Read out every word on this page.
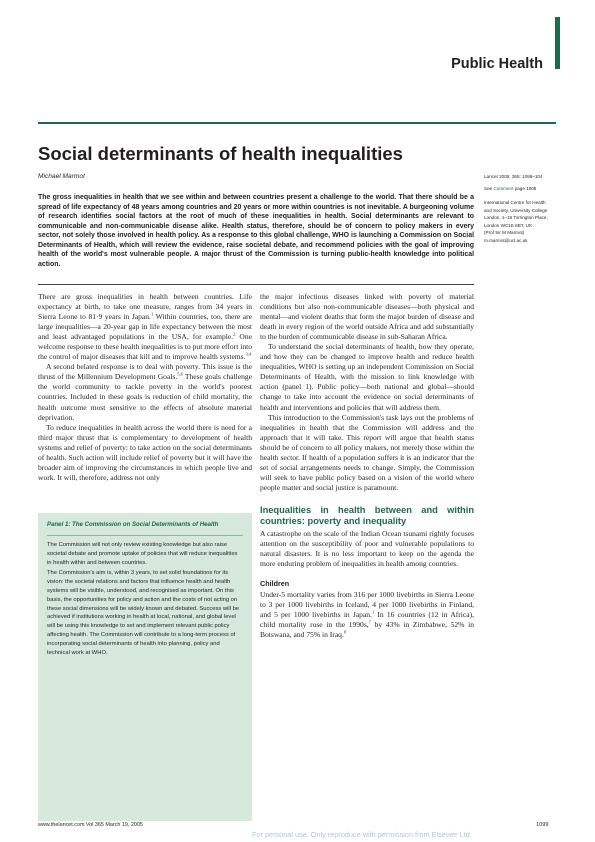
Public Health
Social determinants of health inequalities
Michael Marmot

The gross inequalities in health that we see within and between countries present a challenge to the world. That there should be a spread of life expectancy of 48 years among countries and 20 years or more within countries is not inevitable. A burgeoning volume of research identifies social factors at the root of much of these inequalities in health. Social determinants are relevant to communicable and non-communicable disease alike. Health status, therefore, should be of concern to policy makers in every sector, not solely those involved in health policy. As a response to this global challenge, WHO is launching a Commission on Social Determinants of Health, which will review the evidence, raise societal debate, and recommend policies with the goal of improving health of the world's most vulnerable people. A major thrust of the Commission is turning public-health knowledge into political action.

Lancet 2005; 365: 1099–104
See Comment page 1005
International Centre for Health
and Society, University College
London, 1–19 Torrington Place,
London WC1E 6BT, UK
(Prof Sir M Marmot)
m.marmot@ucl.ac.uk

There are gross inequalities in health between countries. Life expectancy at birth, to take one measure, ranges from 34 years in Sierra Leone to 81·9 years in Japan.$^1$ Within countries, too, there are large inequalities—a 20-year gap in life expectancy between the most and least advantaged populations in the USA, for example.$^2$ One welcome response to these health inequalities is to put more effort into the control of major diseases that kill and to improve health systems.$^{3,4}$

A second belated response is to deal with poverty. This issue is the thrust of the Millennium Development Goals.$^{5,6}$ These goals challenge the world community to tackle poverty in the world's poorest countries. Included in these goals is reduction of child mortality, the health outcome most sensitive to the effects of absolute material deprivation.

To reduce inequalities in health across the world there is need for a third major thrust that is complementary to development of health systems and relief of poverty: to take action on the social determinants of health. Such action will include relief of poverty but it will have the broader aim of improving the circumstances in which people live and work. It will, therefore, address not only

Panel 1: The Commission on Social Determinants of Health

The Commission will not only review existing knowledge but also raise societal debate and promote uptake of policies that will reduce inequalities in health within and between countries.

The Commission's aim is, within 3 years, to set solid foundations for its vision: the societal relations and factors that influence health and health systems will be visible, understood, and recognised as important. On this basis, the opportunities for policy and action and the costs of not acting on these social dimensions will be widely known and debated. Success will be achieved if institutions working in health at local, national, and global level will be using this knowledge to set and implement relevant public policy affecting health. The Commission will contribute to a long-term process of incorporating social determinants of health into planning, policy and technical work at WHO.

the major infectious diseases linked with poverty of material conditions but also non-communicable diseases—both physical and mental—and violent deaths that form the major burden of disease and death in every region of the world outside Africa and add substantially to the burden of communicable disease in sub-Saharan Africa.

To understand the social determinants of health, how they operate, and how they can be changed to improve health and reduce health inequalities, WHO is setting up an independent Commission on Social Determinants of Health, with the mission to link knowledge with action (panel 1). Public policy—both national and global—should change to take into account the evidence on social determinants of health and interventions and policies that will address them.

This introduction to the Commission's task lays out the problems of inequalities in health that the Commission will address and the approach that it will take. This report will argue that health status should be of concern to all policy makers, not merely those within the health sector. If health of a population suffers it is an indicator that the set of social arrangements needs to change. Simply, the Commission will seek to have public policy based on a vision of the world where people matter and social justice is paramount.

Inequalities in health between and within countries: poverty and inequality

A catastrophe on the scale of the Indian Ocean tsunami rightly focuses attention on the susceptibility of poor and vulnerable populations to natural disasters. It is no less important to keep on the agenda the more enduring problem of inequalities in health among countries.

Children

Under-5 mortality varies from 316 per 1000 livebirths in Sierra Leone to 3 per 1000 livebirths in Iceland, 4 per 1000 livebirths in Finland, and 5 per 1000 livebirths in Japan.$^1$ In 16 countries (12 in Africa), child mortality rose in the 1990s,$^7$ by 43% in Zimbabwe, 52% in Botswana, and 75% in Iraq.$^8$

www.thelancet.com Vol 365 March 19, 2005	1099
For personal use. Only reproduce with permission from Elsevier Ltd
